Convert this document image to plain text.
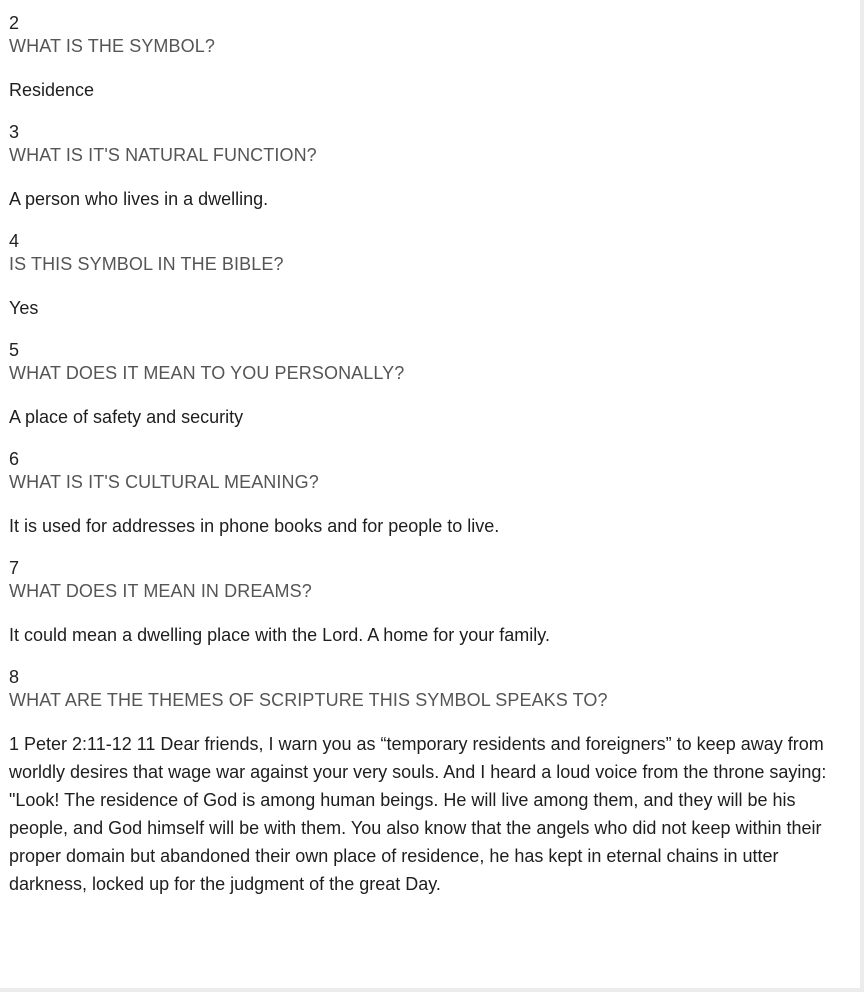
2

WHAT IS THE SYMBOL?

Residence

3

WHAT IS IT'S NATURAL FUNCTION?

A person who lives in a dwelling.

4

IS THIS SYMBOL IN THE BIBLE?

Yes

5

WHAT DOES IT MEAN TO YOU PERSONALLY?

A place of safety and security

6

WHAT IS IT'S CULTURAL MEANING?

It is used for addresses in phone books and for people to live.

7

WHAT DOES IT MEAN IN DREAMS?

It could mean a dwelling place with the Lord. A home for your family.

8

WHAT ARE THE THEMES OF SCRIPTURE THIS SYMBOL SPEAKS TO?

1 Peter 2:11-12 11 Dear friends, I warn you as “temporary residents and foreigners” to keep away from worldly desires that wage war against your very souls. And I heard a loud voice from the throne saying: "Look! The residence of God is among human beings. He will live among them, and they will be his people, and God himself will be with them. You also know that the angels who did not keep within their proper domain but abandoned their own place of residence, he has kept in eternal chains in utter darkness, locked up for the judgment of the great Day.
